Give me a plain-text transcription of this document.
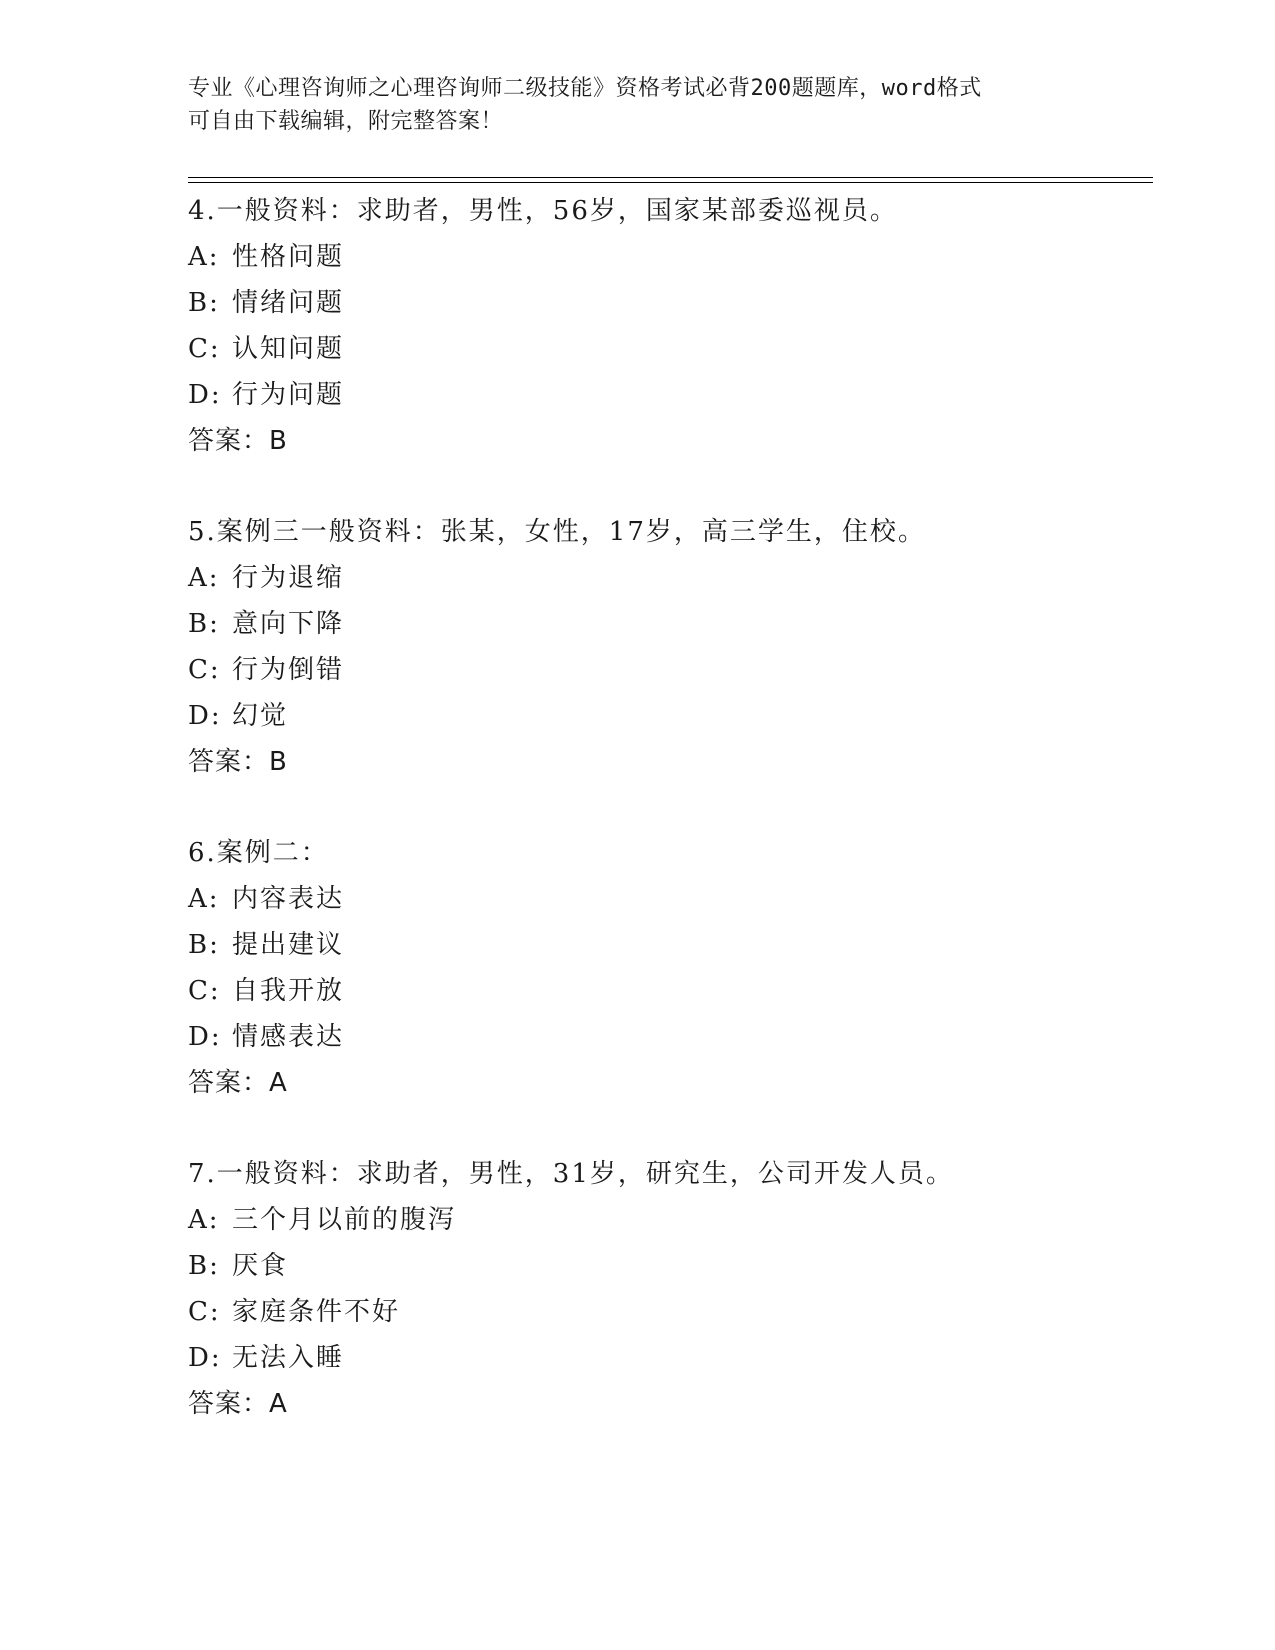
专业《心理咨询师之心理咨询师二级技能》资格考试必背200题题库，word格式
可自由下载编辑，附完整答案！
4.一般资料：求助者，男性，56岁，国家某部委巡视员。
A: 性格问题
B: 情绪问题
C: 认知问题
D: 行为问题
答案：B
5.案例三一般资料：张某，女性，17岁，高三学生，住校。
A: 行为退缩
B: 意向下降
C: 行为倒错
D: 幻觉
答案：B
6.案例二：
A: 内容表达
B: 提出建议
C: 自我开放
D: 情感表达
答案：A
7.一般资料：求助者，男性，31岁，研究生，公司开发人员。
A: 三个月以前的腹泻
B: 厌食
C: 家庭条件不好
D: 无法入睡
答案：A
